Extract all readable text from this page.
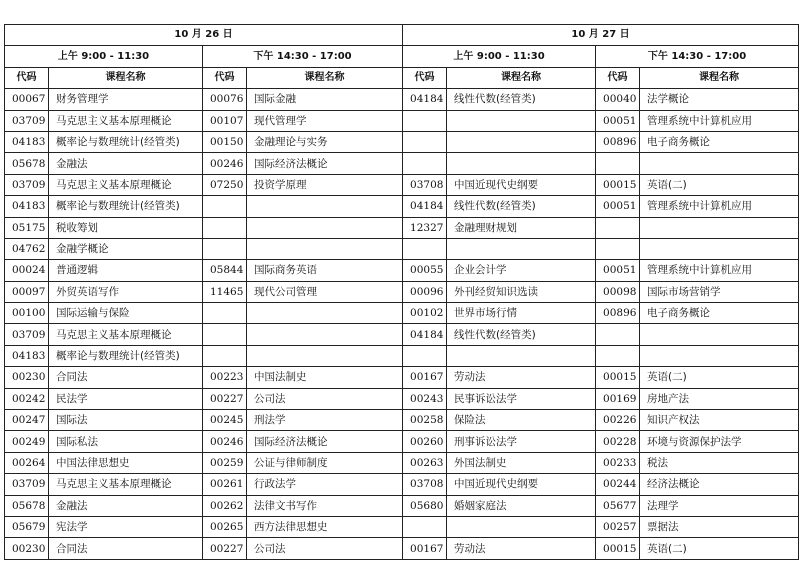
10 月 26 日				10 月 27 日			
上午 9:00 - 11:30		下午 14:30 - 17:00		上午 9:00 - 11:30		下午 14:30 - 17:00	
代码	课程名称	代码	课程名称	代码	课程名称	代码	课程名称
00067	财务管理学	00076	国际金融	04184	线性代数(经管类)	00040	法学概论
03709	马克思主义基本原理概论	00107	现代管理学			00051	管理系统中计算机应用
04183	概率论与数理统计(经管类)	00150	金融理论与实务			00896	电子商务概论
05678	金融法	00246	国际经济法概论				
03709	马克思主义基本原理概论	07250	投资学原理	03708	中国近现代史纲要	00015	英语(二)
04183	概率论与数理统计(经管类)			04184	线性代数(经管类)	00051	管理系统中计算机应用
05175	税收筹划			12327	金融理财规划		
04762	金融学概论						
00024	普通逻辑	05844	国际商务英语	00055	企业会计学	00051	管理系统中计算机应用
00097	外贸英语写作	11465	现代公司管理	00096	外刊经贸知识选读	00098	国际市场营销学
00100	国际运输与保险			00102	世界市场行情	00896	电子商务概论
03709	马克思主义基本原理概论			04184	线性代数(经管类)		
04183	概率论与数理统计(经管类)						
00230	合同法	00223	中国法制史	00167	劳动法	00015	英语(二)
00242	民法学	00227	公司法	00243	民事诉讼法学	00169	房地产法
00247	国际法	00245	刑法学	00258	保险法	00226	知识产权法
00249	国际私法	00246	国际经济法概论	00260	刑事诉讼法学	00228	环境与资源保护法学
00264	中国法律思想史	00259	公证与律师制度	00263	外国法制史	00233	税法
03709	马克思主义基本原理概论	00261	行政法学	03708	中国近现代史纲要	00244	经济法概论
05678	金融法	00262	法律文书写作	05680	婚姻家庭法	05677	法理学
05679	宪法学	00265	西方法律思想史			00257	票据法
00230	合同法	00227	公司法	00167	劳动法	00015	英语(二)
